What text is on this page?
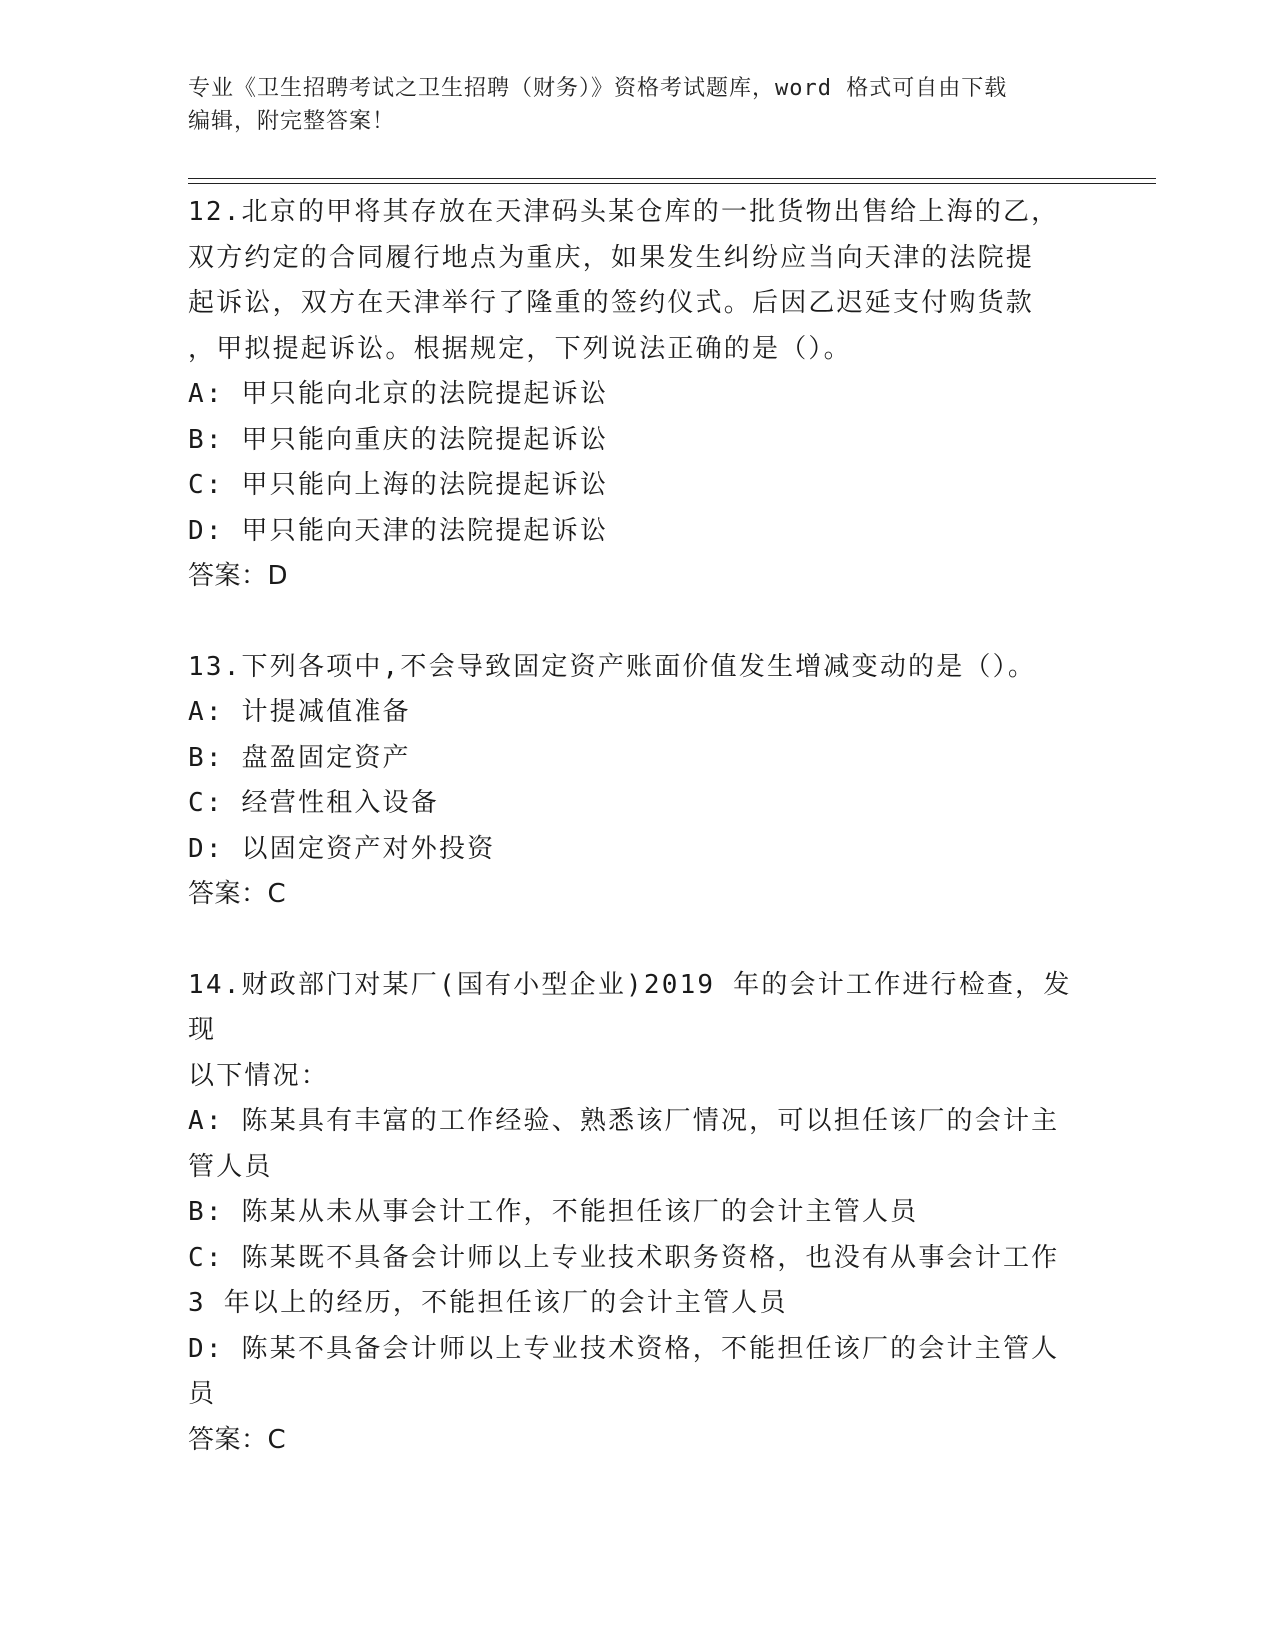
专业《卫生招聘考试之卫生招聘（财务）》资格考试题库，word 格式可自由下载
编辑，附完整答案！
12.北京的甲将其存放在天津码头某仓库的一批货物出售给上海的乙，
双方约定的合同履行地点为重庆，如果发生纠纷应当向天津的法院提
起诉讼，双方在天津举行了隆重的签约仪式。后因乙迟延支付购货款
，甲拟提起诉讼。根据规定，下列说法正确的是（）。
A: 甲只能向北京的法院提起诉讼
B: 甲只能向重庆的法院提起诉讼
C: 甲只能向上海的法院提起诉讼
D: 甲只能向天津的法院提起诉讼
答案：D
13.下列各项中,不会导致固定资产账面价值发生增减变动的是（）。
A: 计提减值准备
B: 盘盈固定资产
C: 经营性租入设备
D: 以固定资产对外投资
答案：C
14.财政部门对某厂(国有小型企业)2019 年的会计工作进行检查，发现
以下情况：
A: 陈某具有丰富的工作经验、熟悉该厂情况，可以担任该厂的会计主
管人员
B: 陈某从未从事会计工作，不能担任该厂的会计主管人员
C: 陈某既不具备会计师以上专业技术职务资格，也没有从事会计工作
3 年以上的经历，不能担任该厂的会计主管人员
D: 陈某不具备会计师以上专业技术资格，不能担任该厂的会计主管人
员
答案：C
